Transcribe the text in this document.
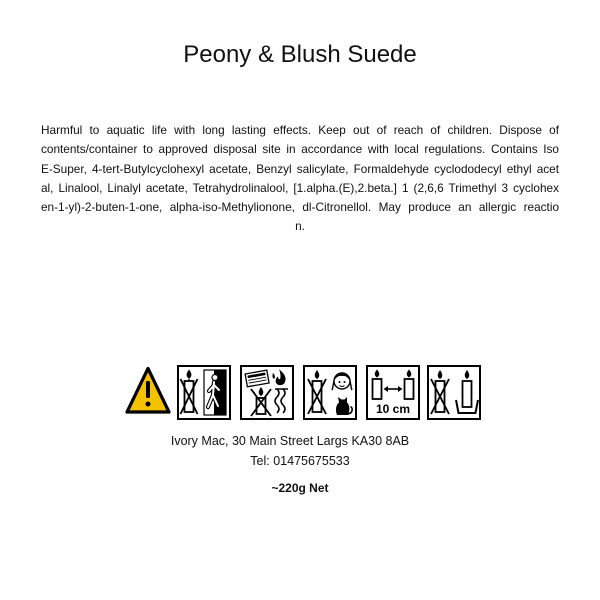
Peony & Blush Suede
Harmful to aquatic life with long lasting effects. Keep out of reach of children. Dispose of
contents/container to approved disposal site in accordance with local regulations. Contains Iso
E-Super, 4-tert-Butylcyclohexyl acetate, Benzyl salicylate, Formaldehyde cyclododecyl ethyl acet
al, Linalool, Linalyl acetate, Tetrahydrolinalool, [1.alpha.(E),2.beta.] 1 (2,6,6 Trimethyl 3 cyclohex
en-1-yl)-2-buten-1-one, alpha-iso-Methylionone, dl-Citronellol. May produce an allergic reactio
n.
10 cm
Ivory Mac, 30 Main Street Largs KA30 8AB
Tel: 01475675533
~220g Net
